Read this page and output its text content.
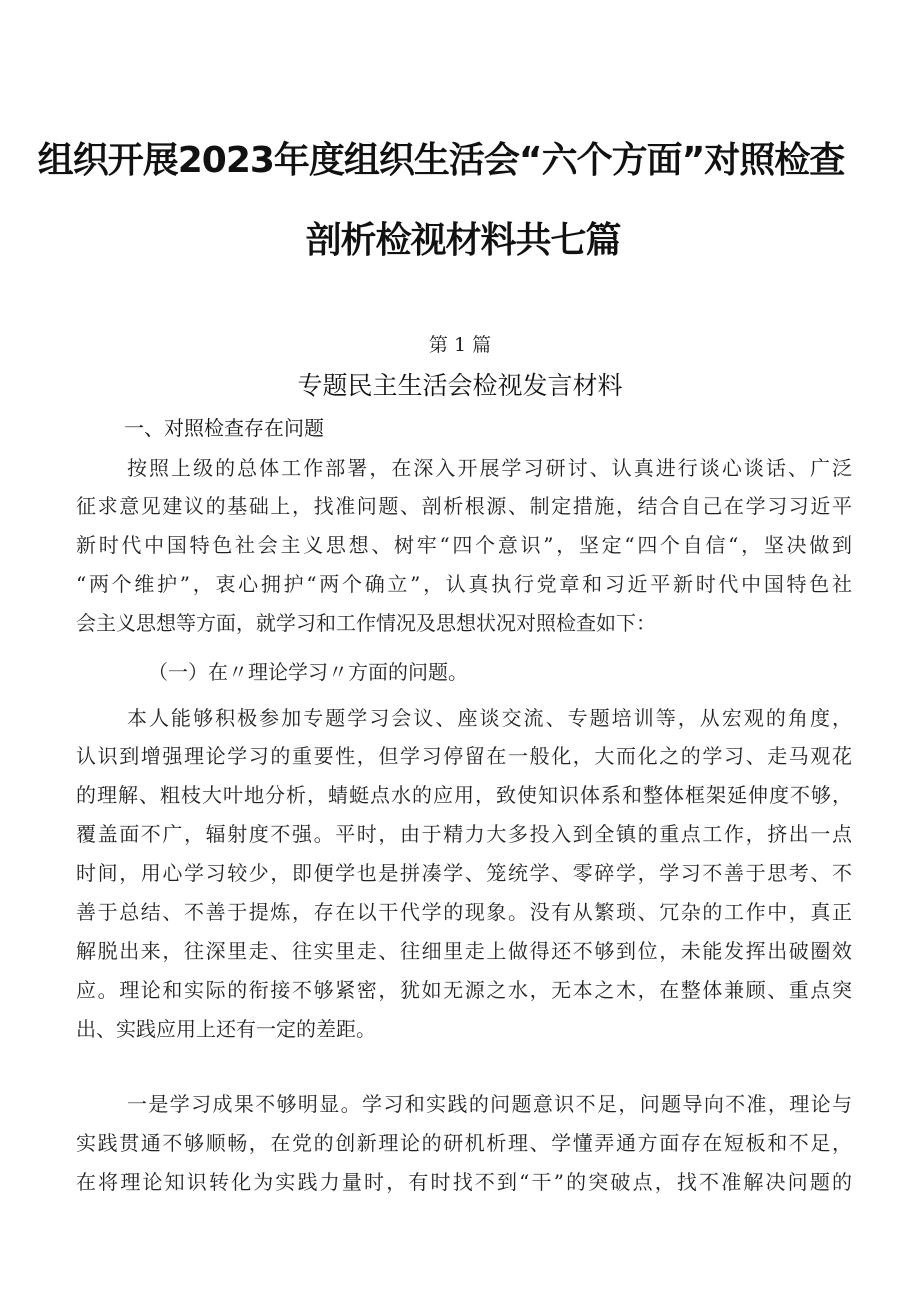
组织开展2023年度组织生活会“六个方面”对照检查
剖析检视材料共七篇
第 1 篇
专题民主生活会检视发言材料
一、对照检查存在问题
按照上级的总体工作部署，在深入开展学习研讨、认真进行谈心谈话、广泛
征求意见建议的基础上，找准问题、剖析根源、制定措施，结合自己在学习习近平
新时代中国特色社会主义思想、树牢“四个意识”，坚定“四个自信“，坚决做到
“两个维护”，衷心拥护“两个确立”，认真执行党章和习近平新时代中国特色社
会主义思想等方面，就学习和工作情况及思想状况对照检查如下：
（一）在〃理论学习〃方面的问题。
本人能够积极参加专题学习会议、座谈交流、专题培训等，从宏观的角度，
认识到增强理论学习的重要性，但学习停留在一般化，大而化之的学习、走马观花
的理解、粗枝大叶地分析，蜻蜓点水的应用，致使知识体系和整体框架延伸度不够，
覆盖面不广，辐射度不强。平时，由于精力大多投入到全镇的重点工作，挤出一点
时间，用心学习较少，即便学也是拼凑学、笼统学、零碎学，学习不善于思考、不
善于总结、不善于提炼，存在以干代学的现象。没有从繁琐、冗杂的工作中，真正
解脱出来，往深里走、往实里走、往细里走上做得还不够到位，未能发挥出破圈效
应。理论和实际的衔接不够紧密，犹如无源之水，无本之木，在整体兼顾、重点突
出、实践应用上还有一定的差距。
一是学习成果不够明显。学习和实践的问题意识不足，问题导向不准，理论与
实践贯通不够顺畅，在党的创新理论的研机析理、学懂弄通方面存在短板和不足，
在将理论知识转化为实践力量时，有时找不到“干”的突破点，找不准解决问题的
